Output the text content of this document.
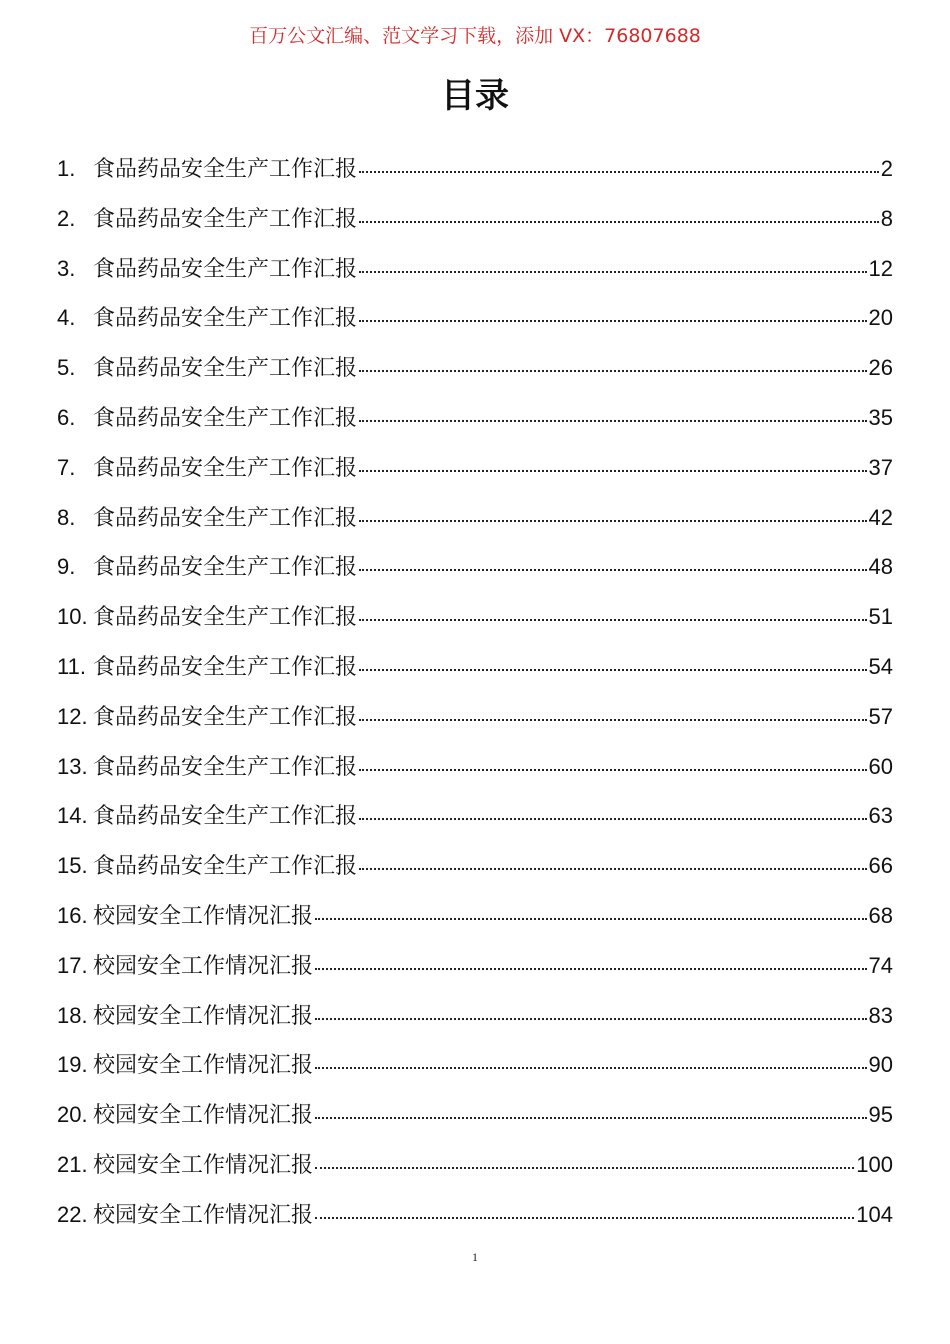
百万公文汇编、范文学习下载，添加 VX：76807688
目录
1. 食品药品安全生产工作汇报	2
2. 食品药品安全生产工作汇报	8
3. 食品药品安全生产工作汇报	12
4. 食品药品安全生产工作汇报	20
5. 食品药品安全生产工作汇报	26
6. 食品药品安全生产工作汇报	35
7. 食品药品安全生产工作汇报	37
8. 食品药品安全生产工作汇报	42
9. 食品药品安全生产工作汇报	48
10. 食品药品安全生产工作汇报	51
11. 食品药品安全生产工作汇报	54
12. 食品药品安全生产工作汇报	57
13. 食品药品安全生产工作汇报	60
14. 食品药品安全生产工作汇报	63
15. 食品药品安全生产工作汇报	66
16. 校园安全工作情况汇报	68
17. 校园安全工作情况汇报	74
18. 校园安全工作情况汇报	83
19. 校园安全工作情况汇报	90
20. 校园安全工作情况汇报	95
21. 校园安全工作情况汇报	100
22. 校园安全工作情况汇报	104
1
